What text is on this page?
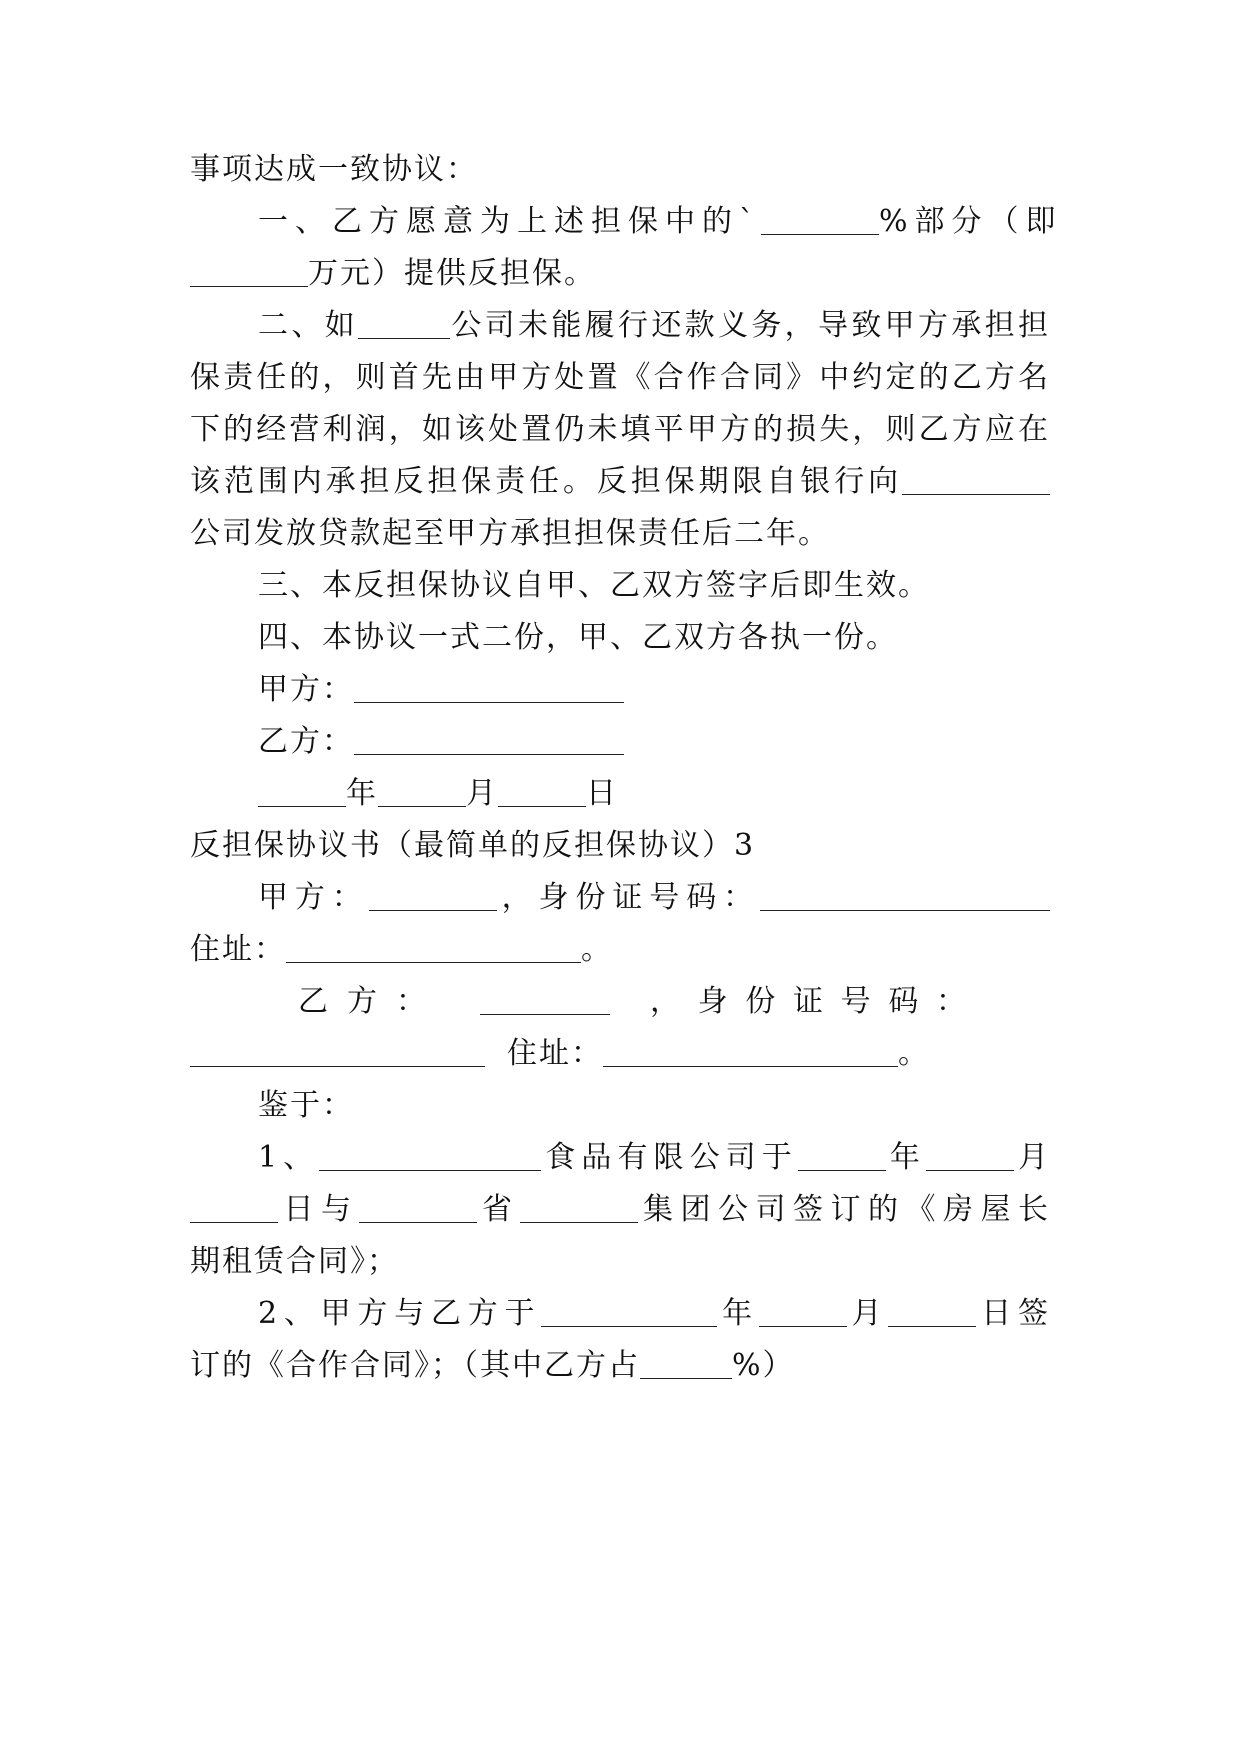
事项达成一致协议：
一、乙方愿意为上述担保中的`	%部分（即
万元）提供反担保。
二、如	公司未能履行还款义务，导致甲方承担担
保责任的，则首先由甲方处置《合作合同》中约定的乙方名
下的经营利润，如该处置仍未填平甲方的损失，则乙方应在
该范围内承担反担保责任。反担保期限自银行向
公司发放贷款起至甲方承担担保责任后二年。
三、本反担保协议自甲、乙双方签字后即生效。
四、本协议一式二份，甲、乙双方各执一份。
甲方：
乙方：
年	月	日
反担保协议书（最简单的反担保协议）3
甲方：	，身份证号码：
住址：	。
乙 方 ：	， 身 份 证 号 码 ：
住址：	。
鉴于：
1、	食品有限公司于	年	月
日与	省	集团公司签订的《房屋长
期租赁合同》；
2、甲方与乙方于	年	月	日签
订的《合作合同》；（其中乙方占	%）
